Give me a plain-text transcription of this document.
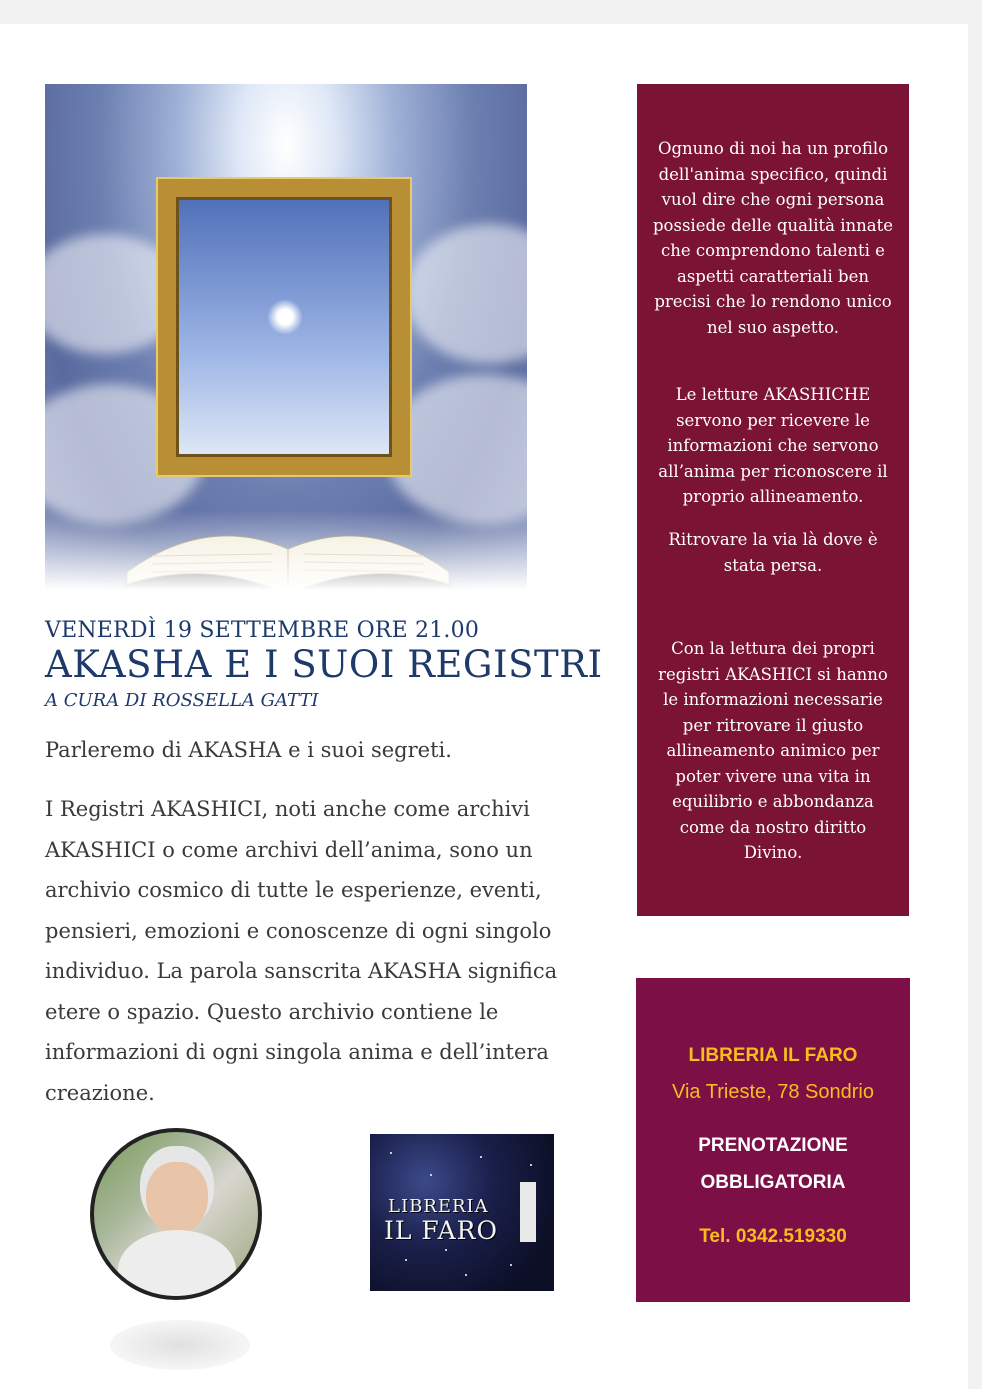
VENERDÌ 19 SETTEMBRE ORE 21.00
AKASHA E I SUOI REGISTRI
A CURA DI ROSSELLA GATTI
Parleremo di AKASHA e i suoi segreti.
I Registri AKASHICI, noti anche come archivi AKASHICI o come archivi dell’anima, sono un archivio cosmico di tutte le esperienze, eventi, pensieri, emozioni e conoscenze di ogni singolo individuo. La parola sanscrita AKASHA significa etere o spazio. Questo archivio contiene le informazioni di ogni singola anima e dell’intera creazione.
LIBRERIA
IL FARO

Ognuno di noi ha un profilo dell'anima specifico, quindi vuol dire che ogni persona possiede delle qualità innate che comprendono talenti e aspetti caratteriali ben precisi che lo rendono unico nel suo aspetto.

Le letture AKASHICHE servono per ricevere le informazioni che servono all’anima per riconoscere il proprio allineamento.

Ritrovare la via là dove è stata persa.

Con la lettura dei propri registri AKASHICI si hanno le informazioni necessarie per ritrovare il giusto allineamento animico per poter vivere una vita in equilibrio e abbondanza come da nostro diritto Divino.

LIBRERIA IL FARO
Via Trieste, 78 Sondrio
PRENOTAZIONE
OBBLIGATORIA
Tel. 0342.519330
